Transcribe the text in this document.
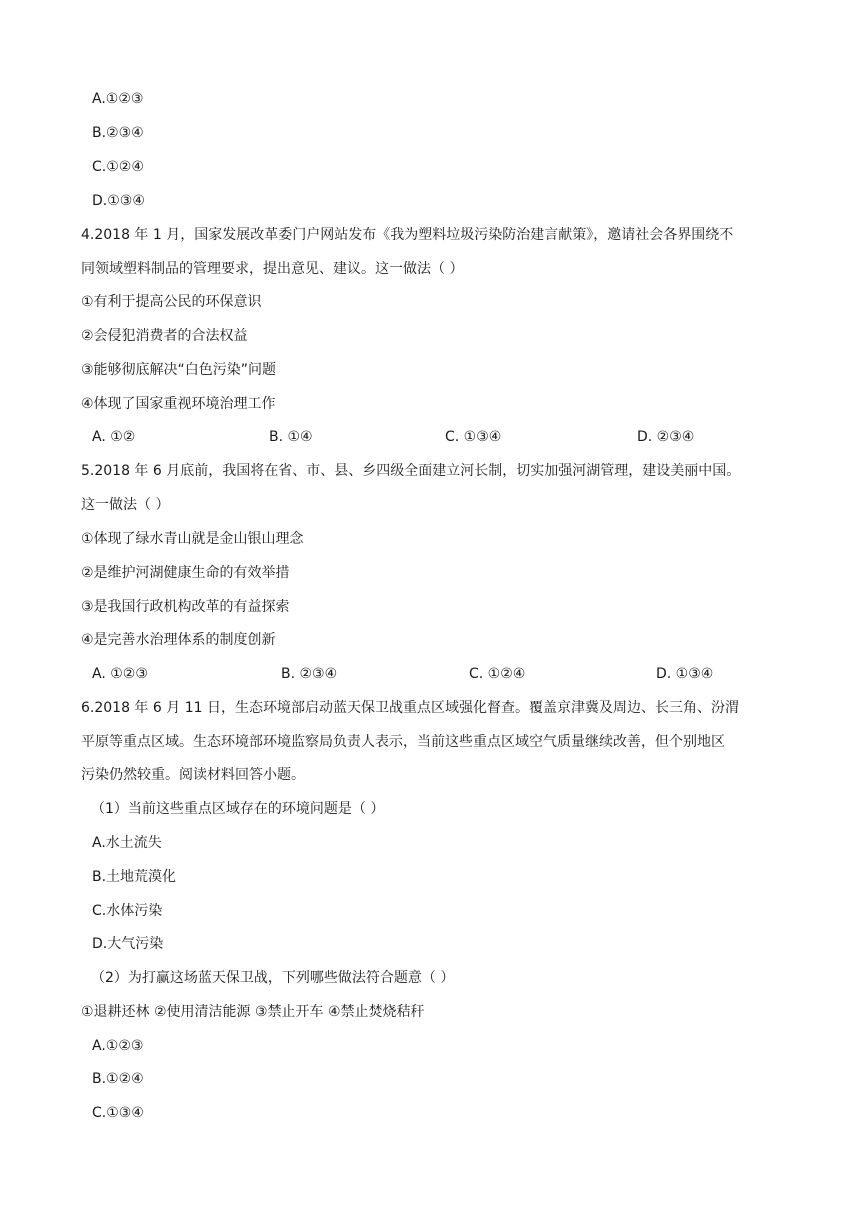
A.①②③
B.②③④
C.①②④
D.①③④
4.2018 年 1 月，国家发展改革委门户网站发布《我为塑料垃圾污染防治建言献策》，邀请社会各界围绕不
同领域塑料制品的管理要求，提出意见、建议。这一做法（ ）
①有利于提高公民的环保意识
②会侵犯消费者的合法权益
③能够彻底解决“白色污染”问题
④体现了国家重视环境治理工作
A. ①②	B. ①④	C. ①③④	D. ②③④
5.2018 年 6 月底前，我国将在省、市、县、乡四级全面建立河长制，切实加强河湖管理，建设美丽中国。
这一做法（ ）
①体现了绿水青山就是金山银山理念
②是维护河湖健康生命的有效举措
③是我国行政机构改革的有益探索
④是完善水治理体系的制度创新
A. ①②③	B. ②③④	C. ①②④	D. ①③④
6.2018 年 6 月 11 日，生态环境部启动蓝天保卫战重点区域强化督查。覆盖京津冀及周边、长三角、汾渭
平原等重点区域。生态环境部环境监察局负责人表示，当前这些重点区域空气质量继续改善，但个别地区
污染仍然较重。阅读材料回答小题。
（1）当前这些重点区域存在的环境问题是（ ）
A.水土流失
B.土地荒漠化
C.水体污染
D.大气污染
（2）为打赢这场蓝天保卫战，下列哪些做法符合题意（ ）
①退耕还林 ②使用清洁能源 ③禁止开车 ④禁止焚烧秸秆
A.①②③
B.①②④
C.①③④
